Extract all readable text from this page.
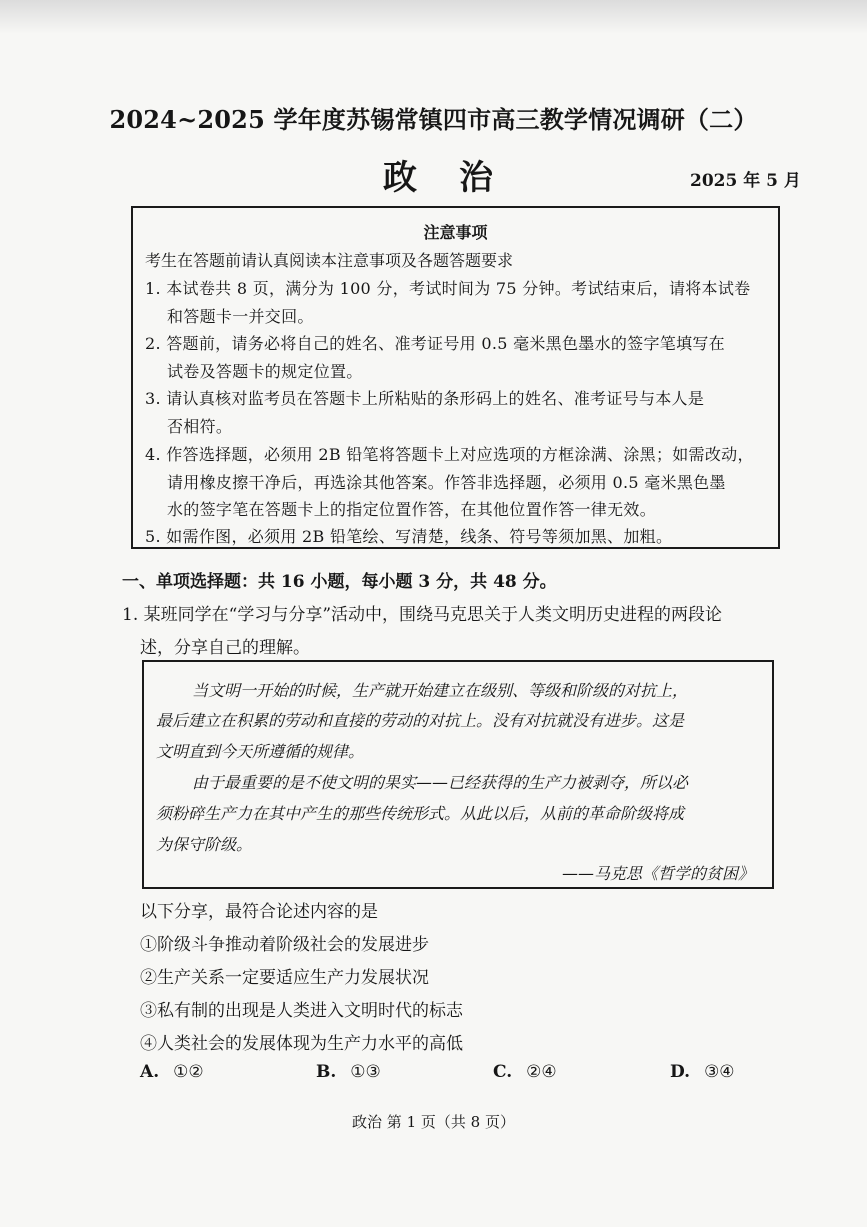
2024~2025 学年度苏锡常镇四市高三教学情况调研（二）
政治	2025 年 5 月
注意事项
考生在答题前请认真阅读本注意事项及各题答题要求
1. 本试卷共 8 页，满分为 100 分，考试时间为 75 分钟。考试结束后，请将本试卷
和答题卡一并交回。
2. 答题前，请务必将自己的姓名、准考证号用 0.5 毫米黑色墨水的签字笔填写在
试卷及答题卡的规定位置。
3. 请认真核对监考员在答题卡上所粘贴的条形码上的姓名、准考证号与本人是
否相符。
4. 作答选择题，必须用 2B 铅笔将答题卡上对应选项的方框涂满、涂黑；如需改动，
请用橡皮擦干净后，再选涂其他答案。作答非选择题，必须用 0.5 毫米黑色墨
水的签字笔在答题卡上的指定位置作答，在其他位置作答一律无效。
5. 如需作图，必须用 2B 铅笔绘、写清楚，线条、符号等须加黑、加粗。
一、单项选择题：共 16 小题，每小题 3 分，共 48 分。
1. 某班同学在“学习与分享”活动中，围绕马克思关于人类文明历史进程的两段论
述，分享自己的理解。
当文明一开始的时候，生产就开始建立在级别、等级和阶级的对抗上，
最后建立在积累的劳动和直接的劳动的对抗上。没有对抗就没有进步。这是
文明直到今天所遵循的规律。
由于最重要的是不使文明的果实——已经获得的生产力被剥夺，所以必
须粉碎生产力在其中产生的那些传统形式。从此以后，从前的革命阶级将成
为保守阶级。
——马克思《哲学的贫困》
以下分享，最符合论述内容的是
①阶级斗争推动着阶级社会的发展进步
②生产关系一定要适应生产力发展状况
③私有制的出现是人类进入文明时代的标志
④人类社会的发展体现为生产力水平的高低
A. ①②	B. ①③	C. ②④	D. ③④
政治 第 1 页（共 8 页）
